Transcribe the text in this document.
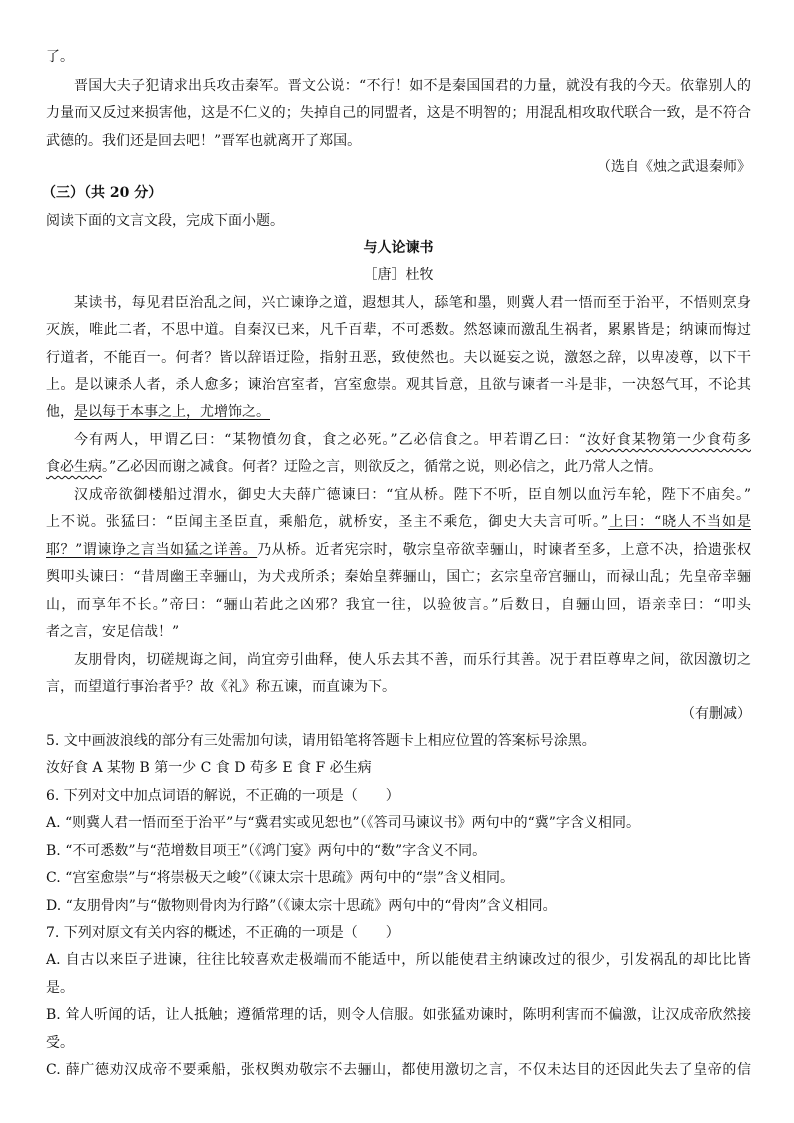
了。
晋国大夫子犯请求出兵攻击秦军。晋文公说：“不行！如不是秦国国君的力量，就没有我的今天。依靠别人的
力量而又反过来损害他，这是不仁义的；失掉自己的同盟者，这是不明智的；用混乱相攻取代联合一致，是不符合
武德的。我们还是回去吧！”晋军也就离开了郑国。
（选自《烛之武退秦师》
（三）（共 20 分）
阅读下面的文言文段，完成下面小题。
与人论谏书
［唐］杜牧
某读书，每见君臣治乱之间，兴亡谏诤之道，遐想其人，舔笔和墨，则冀人君一悟而至于治平，不悟则烹身
灭族，唯此二者，不思中道。自秦汉已来，凡千百辈，不可悉数。然怒谏而激乱生祸者，累累皆是；纳谏而悔过
行道者，不能百一。何者？皆以辞语迂险，指射丑恶，致使然也。夫以诞妄之说，激怒之辞，以卑凌尊，以下干
上。是以谏杀人者，杀人愈多；谏治宫室者，宫室愈崇。观其旨意，且欲与谏者一斗是非，一决怒气耳，不论其
他，是以每于本事之上，尤增饰之。
今有两人，甲谓乙曰：“某物憤勿食，食之必死。”乙必信食之。甲若谓乙曰：“汝好食某物第一少食苟多
食必生病。”乙必因而谢之减食。何者？迂险之言，则欲反之，循常之说，则必信之，此乃常人之情。
汉成帝欲御楼船过渭水，御史大夫薛广德谏曰：“宜从桥。陛下不听，臣自刎以血污车轮，陛下不庙矣。”
上不说。张猛曰：“臣闻主圣臣直，乘船危，就桥安，圣主不乘危，御史大夫言可听。”上曰：“晓人不当如是
耶？”谓谏诤之言当如猛之详善。乃从桥。近者宪宗时，敬宗皇帝欲幸骊山，时谏者至多，上意不决，拾遗张权
舆叩头谏曰：“昔周幽王幸骊山，为犬戎所杀；秦始皇葬骊山，国亡；玄宗皇帝宫骊山，而禄山乱；先皇帝幸骊
山，而享年不长。”帝曰：“骊山若此之凶邪？我宜一往，以验彼言。”后数日，自骊山回，语亲幸曰：“叩头
者之言，安足信哉！”
友朋骨肉，切磋规诲之间，尚宜旁引曲释，使人乐去其不善，而乐行其善。况于君臣尊卑之间，欲因激切之
言，而望道行事治者乎？故《礼》称五谏，而直谏为下。
（有删减）
5. 文中画波浪线的部分有三处需加句读，请用铅笔将答题卡上相应位置的答案标号涂黑。
汝好食 A 某物 B 第一少 C 食 D 苟多 E 食 F 必生病
6. 下列对文中加点词语的解说，不正确的一项是（　　）
A. “则冀人君一悟而至于治平”与“冀君实或见恕也”（《答司马谏议书》两句中的“冀”字含义相同。
B. “不可悉数”与“范增数目项王”（《鸿门宴》两句中的“数”字含义不同。
C. “宫室愈崇”与“将崇极天之峻”（《谏太宗十思疏》两句中的“崇”含义相同。
D. “友朋骨肉”与“傲物则骨肉为行路”（《谏太宗十思疏》两句中的“骨肉”含义相同。
7. 下列对原文有关内容的概述，不正确的一项是（　　）
A. 自古以来臣子进谏，往往比较喜欢走极端而不能适中，所以能使君主纳谏改过的很少，引发祸乱的却比比皆
是。
B. 耸人听闻的话，让人抵触；遵循常理的话，则令人信服。如张猛劝谏时，陈明利害而不偏激，让汉成帝欣然接
受。
C. 薛广德劝汉成帝不要乘船，张权舆劝敬宗不去骊山，都使用激切之言，不仅未达目的还因此失去了皇帝的信
